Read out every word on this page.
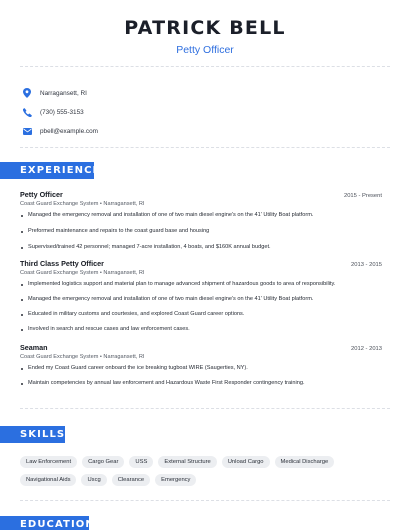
PATRICK BELL
Petty Officer
Narragansett, RI
(730) 555-3153
pbell@example.com
EXPERIENCE
Petty Officer	2015 - Present
Coast Guard Exchange System • Narragansett, RI
Managed the emergency removal and installation of one of two main diesel engine's on the 41' Utility Boat platform.
Preformed maintenance and repairs to the coast guard base and housing
Supervised/trained 42 personnel; managed 7-acre installation, 4 boats, and $160K annual budget.
Third Class Petty Officer	2013 - 2015
Coast Guard Exchange System • Narragansett, RI
Implemented logistics support and material plan to manage advanced shipment of hazardous goods to area of responsibility.
Managed the emergency removal and installation of one of two main diesel engine's on the 41' Utility Boat platform.
Educated in military customs and courtesies, and explored Coast Guard career options.
Involved in search and rescue cases and law enforcement cases.
Seaman	2012 - 2013
Coast Guard Exchange System • Narragansett, RI
Ended my Coast Guard career onboard the ice breaking tugboat WIRE (Saugerties, NY).
Maintain competencies by annual law enforcement and Hazardous Waste First Responder contingency training.
SKILLS
Law Enforcement	Cargo Gear	USS	External Structure	Unload Cargo	Medical Discharge
Navigational Aids	Uscg	Clearance	Emergency
EDUCATION
